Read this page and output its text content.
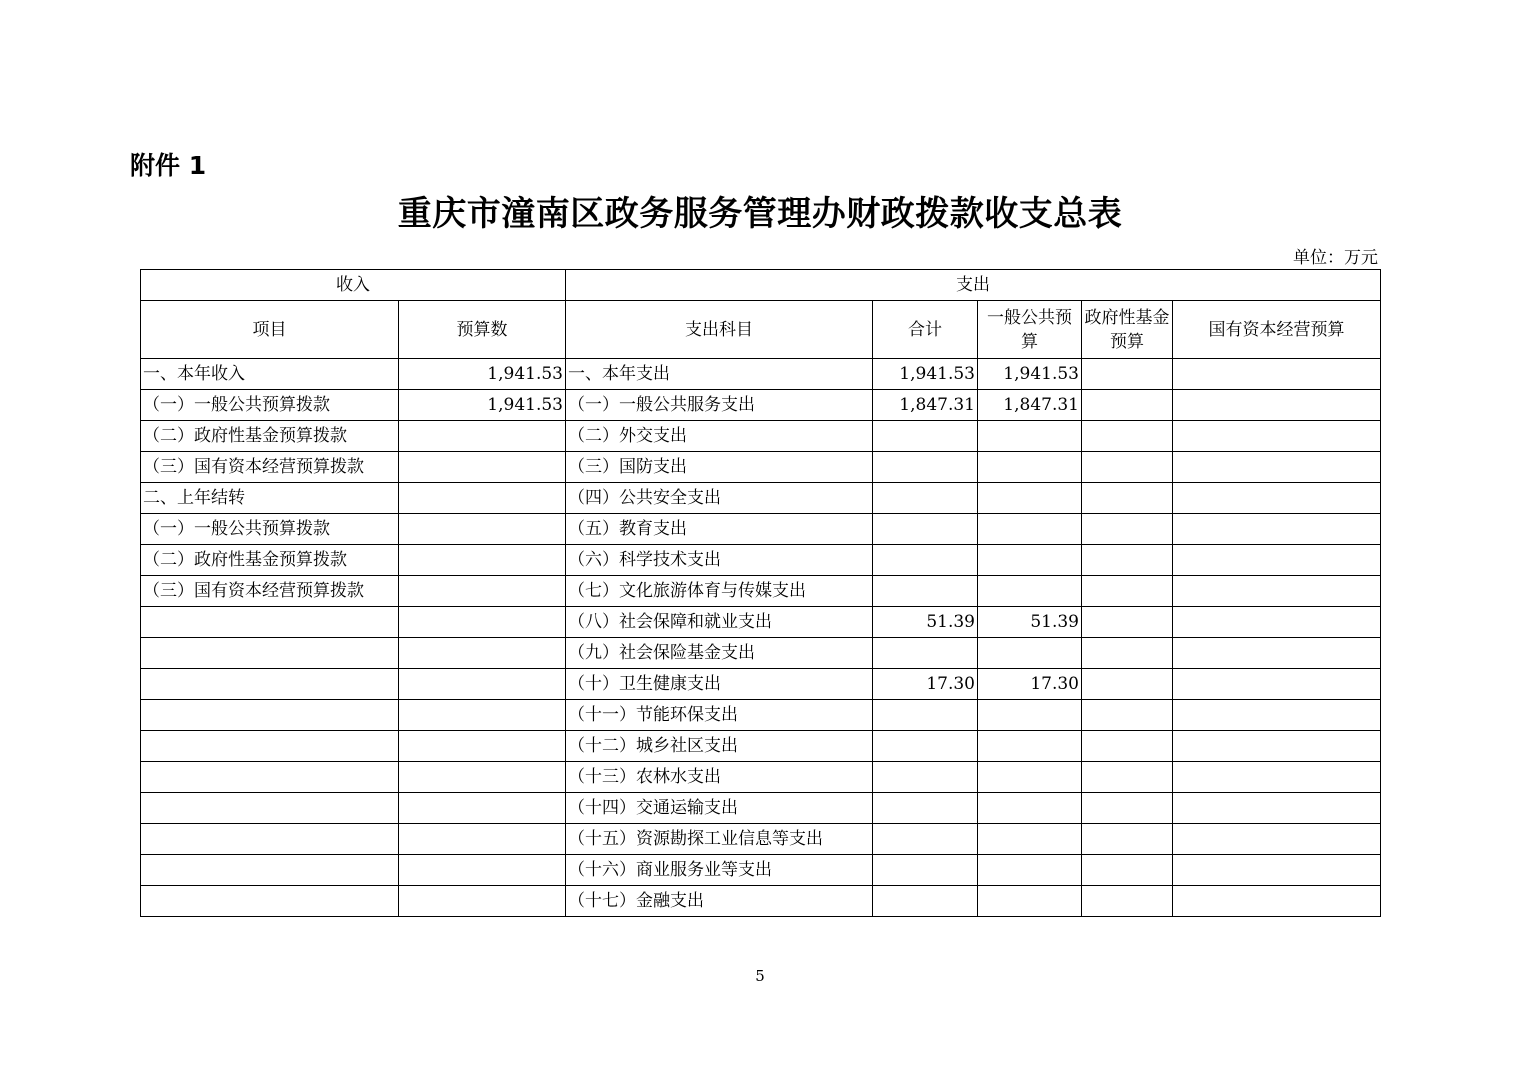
附件 1
重庆市潼南区政务服务管理办财政拨款收支总表
单位：万元
收入		支出				
项目	预算数	支出科目	合计	一般公共预算	政府性基金预算	国有资本经营预算
一、本年收入	1,941.53	一、本年支出	1,941.53	1,941.53		
（一）一般公共预算拨款	1,941.53	（一）一般公共服务支出	1,847.31	1,847.31		
（二）政府性基金预算拨款		（二）外交支出				
（三）国有资本经营预算拨款		（三）国防支出				
二、上年结转		（四）公共安全支出				
（一）一般公共预算拨款		（五）教育支出				
（二）政府性基金预算拨款		（六）科学技术支出				
（三）国有资本经营预算拨款		（七）文化旅游体育与传媒支出				
		（八）社会保障和就业支出	51.39	51.39		
		（九）社会保险基金支出				
		（十）卫生健康支出	17.30	17.30		
		（十一）节能环保支出				
		（十二）城乡社区支出				
		（十三）农林水支出				
		（十四）交通运输支出				
		（十五）资源勘探工业信息等支出				
		（十六）商业服务业等支出				
		（十七）金融支出				
5
